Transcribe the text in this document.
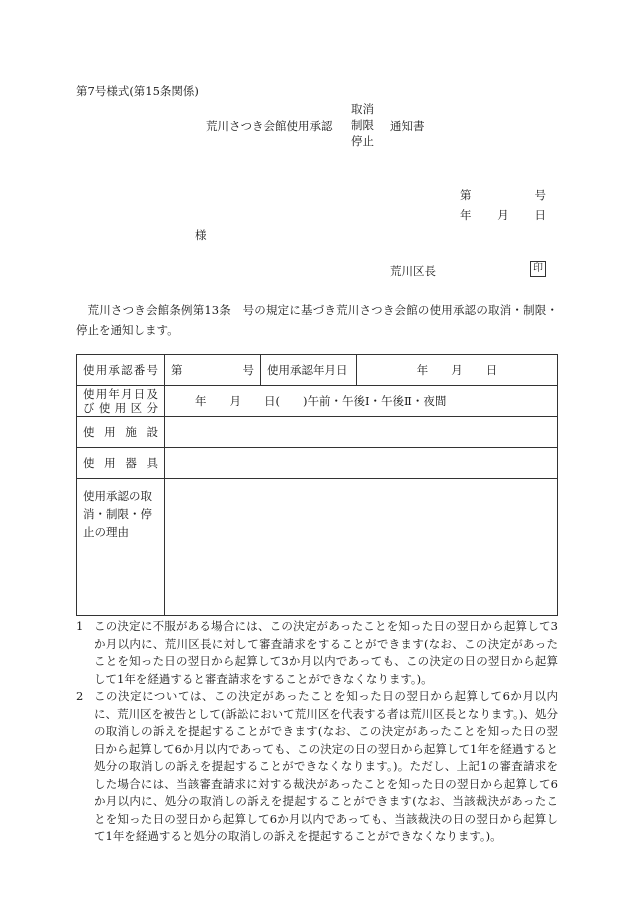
第7号様式(第15条関係)
荒川さつき会館使用承認
取消
制限
停止
通知書
第	号
年 月 日
様
荒川区長	印
荒川さつき会館条例第13条　号の規定に基づき荒川さつき会館の使用承認の取消・制限・停止を通知します。
使用承認番号	第 号	使用承認年月日	年　　月　　日
使用年月日及び使用区分	年　　月　　日(　　)午前・午後Ⅰ・午後Ⅱ・夜間		
使用施設			
使用器具			
使用承認の取消・制限・停止の理由			
1 この決定に不服がある場合には、この決定があったことを知った日の翌日から起算して3か月以内に、荒川区長に対して審査請求をすることができます(なお、この決定があったことを知った日の翌日から起算して3か月以内であっても、この決定の日の翌日から起算して1年を経過すると審査請求をすることができなくなります。)。
2 この決定については、この決定があったことを知った日の翌日から起算して6か月以内に、荒川区を被告として(訴訟において荒川区を代表する者は荒川区長となります。)、処分の取消しの訴えを提起することができます(なお、この決定があったことを知った日の翌日から起算して6か月以内であっても、この決定の日の翌日から起算して1年を経過すると処分の取消しの訴えを提起することができなくなります。)。ただし、上記1の審査請求をした場合には、当該審査請求に対する裁決があったことを知った日の翌日から起算して6か月以内に、処分の取消しの訴えを提起することができます(なお、当該裁決があったことを知った日の翌日から起算して6か月以内であっても、当該裁決の日の翌日から起算して1年を経過すると処分の取消しの訴えを提起することができなくなります。)。
